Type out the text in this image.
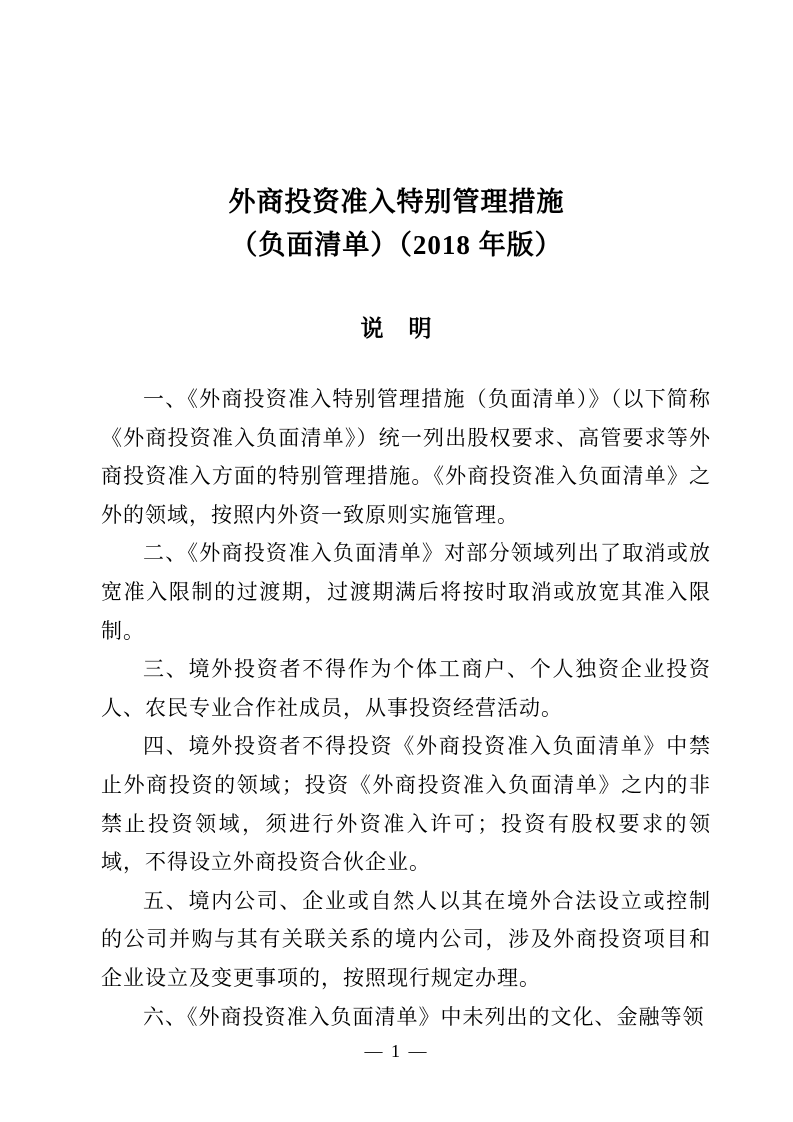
外商投资准入特别管理措施
（负面清单）（2018 年版）
说　明

一、《外商投资准入特别管理措施（负面清单）》（以下简称《外商投资准入负面清单》）统一列出股权要求、高管要求等外商投资准入方面的特别管理措施。《外商投资准入负面清单》之外的领域，按照内外资一致原则实施管理。

二、《外商投资准入负面清单》对部分领域列出了取消或放宽准入限制的过渡期，过渡期满后将按时取消或放宽其准入限制。

三、境外投资者不得作为个体工商户、个人独资企业投资人、农民专业合作社成员，从事投资经营活动。

四、境外投资者不得投资《外商投资准入负面清单》中禁止外商投资的领域；投资《外商投资准入负面清单》之内的非禁止投资领域，须进行外资准入许可；投资有股权要求的领域，不得设立外商投资合伙企业。

五、境内公司、企业或自然人以其在境外合法设立或控制的公司并购与其有关联关系的境内公司，涉及外商投资项目和企业设立及变更事项的，按照现行规定办理。

六、《外商投资准入负面清单》中未列出的文化、金融等领

— 1 —
